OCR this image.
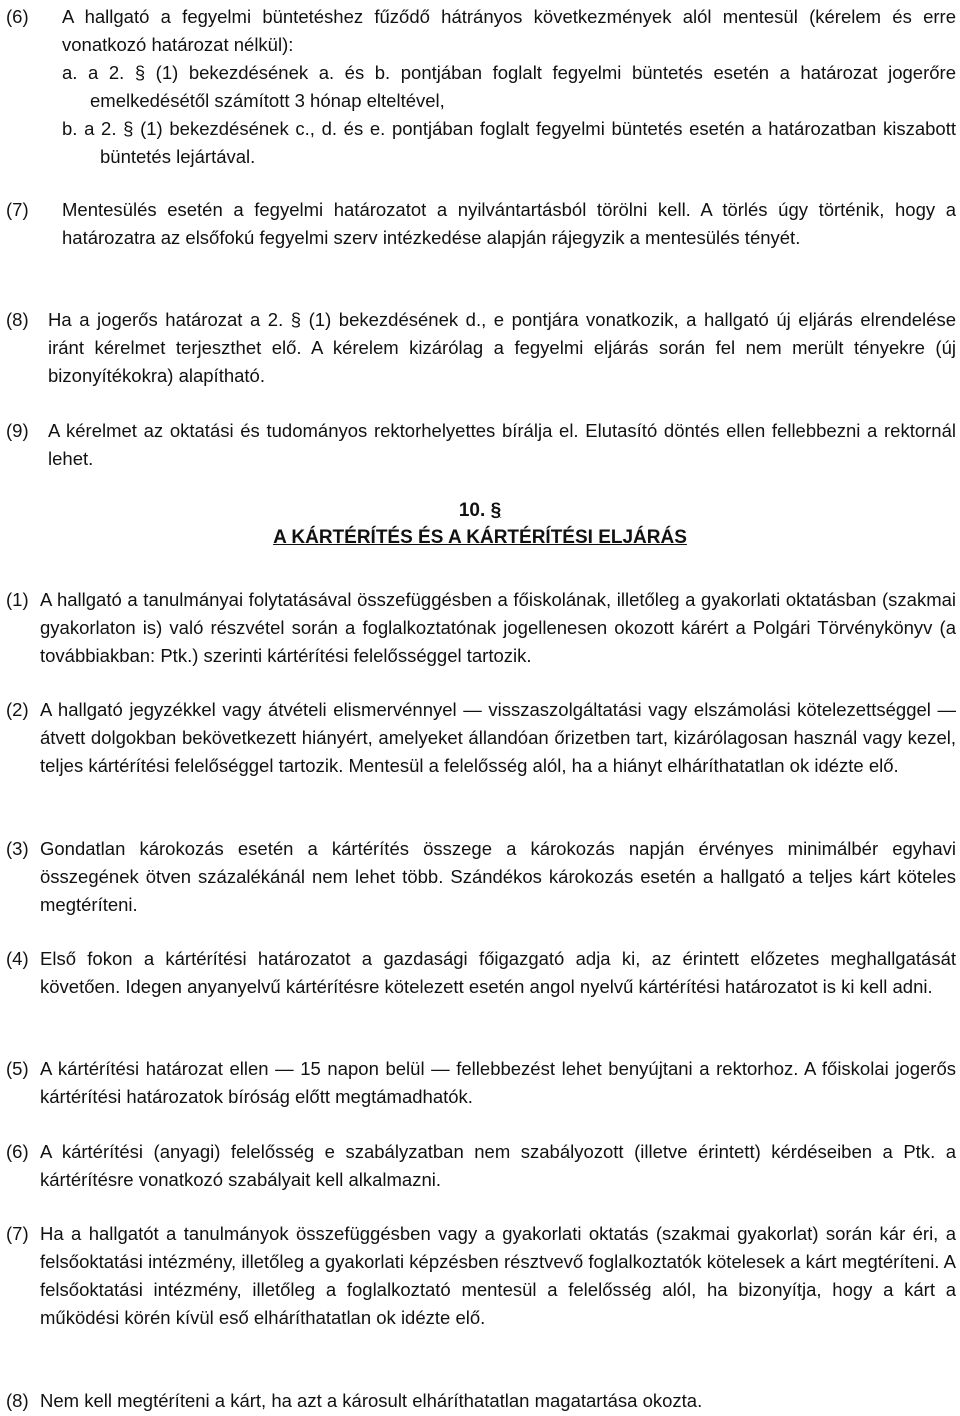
(6) A hallgató a fegyelmi büntetéshez fűződő hátrányos következmények alól mentesül (kérelem és erre vonatkozó határozat nélkül):
a. a 2. § (1) bekezdésének a. és b. pontjában foglalt fegyelmi büntetés esetén a határozat jogerőre emelkedésétől számított 3 hónap elteltével,
b. a 2. § (1) bekezdésének c., d. és e. pontjában foglalt fegyelmi büntetés esetén a határozatban kiszabott büntetés lejártával.
(7) Mentesülés esetén a fegyelmi határozatot a nyilvántartásból törölni kell. A törlés úgy történik, hogy a határozatra az elsőfokú fegyelmi szerv intézkedése alapján rájegyzik a mentesülés tényét.
(8) Ha a jogerős határozat a 2. § (1) bekezdésének d., e pontjára vonatkozik, a hallgató új eljárás elrendelése iránt kérelmet terjeszthet elő. A kérelem kizárólag a fegyelmi eljárás során fel nem merült tényekre (új bizonyítékokra) alapítható.
(9) A kérelmet az oktatási és tudományos rektorhelyettes bírálja el. Elutasító döntés ellen fellebbezni a rektornál lehet.
10. §
A KÁRTÉRÍTÉS ÉS A KÁRTÉRÍTÉSI ELJÁRÁS
(1) A hallgató a tanulmányai folytatásával összefüggésben a főiskolának, illetőleg a gyakorlati oktatásban (szakmai gyakorlaton is) való részvétel során a foglalkoztatónak jogellenesen okozott kárért a Polgári Törvénykönyv (a továbbiakban: Ptk.) szerinti kártérítési felelősséggel tartozik.
(2) A hallgató jegyzékkel vagy átvételi elismervénnyel — visszaszolgáltatási vagy elszámolási kötelezettséggel — átvett dolgokban bekövetkezett hiányért, amelyeket állandóan őrizetben tart, kizárólagosan használ vagy kezel, teljes kártérítési felelőséggel tartozik. Mentesül a felelősség alól, ha a hiányt elháríthatatlan ok idézte elő.
(3) Gondatlan károkozás esetén a kártérítés összege a károkozás napján érvényes minimálbér egyhavi összegének ötven százalékánál nem lehet több. Szándékos károkozás esetén a hallgató a teljes kárt köteles megtéríteni.
(4) Első fokon a kártérítési határozatot a gazdasági főigazgató adja ki, az érintett előzetes meghallgatását követően. Idegen anyanyelvű kártérítésre kötelezett esetén angol nyelvű kártérítési határozatot is ki kell adni.
(5) A kártérítési határozat ellen — 15 napon belül — fellebbezést lehet benyújtani a rektorhoz. A főiskolai jogerős kártérítési határozatok bíróság előtt megtámadhatók.
(6) A kártérítési (anyagi) felelősség e szabályzatban nem szabályozott (illetve érintett) kérdéseiben a Ptk. a kártérítésre vonatkozó szabályait kell alkalmazni.
(7) Ha a hallgatót a tanulmányok összefüggésben vagy a gyakorlati oktatás (szakmai gyakorlat) során kár éri, a felsőoktatási intézmény, illetőleg a gyakorlati képzésben résztvevő foglalkoztatók kötelesek a kárt megtéríteni. A felsőoktatási intézmény, illetőleg a foglalkoztató mentesül a felelősség alól, ha bizonyítja, hogy a kárt a működési körén kívül eső elháríthatatlan ok idézte elő.
(8) Nem kell megtéríteni a kárt, ha azt a károsult elháríthatatlan magatartása okozta.
